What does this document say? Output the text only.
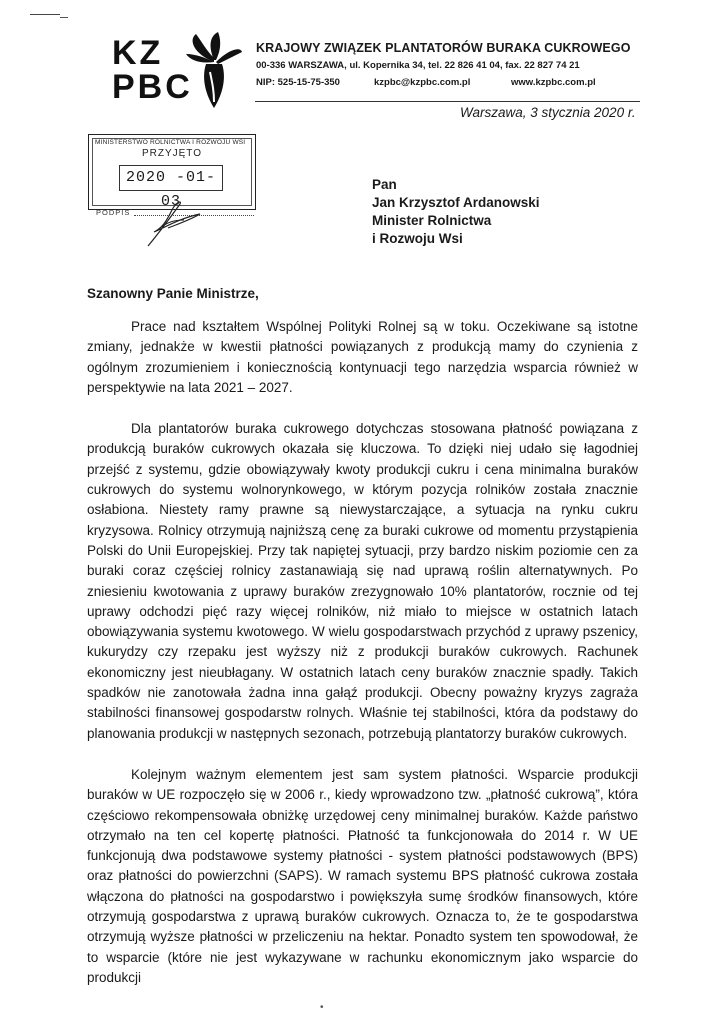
KZ
PBC
KRAJOWY ZWIĄZEK PLANTATORÓW BURAKA CUKROWEGO
00-336 WARSZAWA, ul. Kopernika 34, tel. 22 826 41 04, fax. 22 827 74 21
NIP: 525-15-75-350	kzpbc@kzpbc.com.pl	www.kzpbc.com.pl
Warszawa, 3 stycznia 2020 r.
MINISTERSTWO ROLNICTWA I ROZWOJU WSI
PRZYJĘTO
2020 -01- 03
PODPIS
Pan
Jan Krzysztof Ardanowski
Minister Rolnictwa
i Rozwoju Wsi
Szanowny Panie Ministrze,

Prace nad kształtem Wspólnej Polityki Rolnej są w toku. Oczekiwane są istotne zmiany, jednakże w kwestii płatności powiązanych z produkcją mamy do czynienia z ogólnym zrozumieniem i koniecznością kontynuacji tego narzędzia wsparcia również w perspektywie na lata 2021 – 2027.

Dla plantatorów buraka cukrowego dotychczas stosowana płatność powiązana z produkcją buraków cukrowych okazała się kluczowa. To dzięki niej udało się łagodniej przejść z systemu, gdzie obowiązywały kwoty produkcji cukru i cena minimalna buraków cukrowych do systemu wolnorynkowego, w którym pozycja rolników została znacznie osłabiona. Niestety ramy prawne są niewystarczające, a sytuacja na rynku cukru kryzysowa. Rolnicy otrzymują najniższą cenę za buraki cukrowe od momentu przystąpienia Polski do Unii Europejskiej. Przy tak napiętej sytuacji, przy bardzo niskim poziomie cen za buraki coraz częściej rolnicy zastanawiają się nad uprawą roślin alternatywnych. Po zniesieniu kwotowania z uprawy buraków zrezygnowało 10% plantatorów, rocznie od tej uprawy odchodzi pięć razy więcej rolników, niż miało to miejsce w ostatnich latach obowiązywania systemu kwotowego. W wielu gospodarstwach przychód z uprawy pszenicy, kukurydzy czy rzepaku jest wyższy niż z produkcji buraków cukrowych. Rachunek ekonomiczny jest nieubłagany. W ostatnich latach ceny buraków znacznie spadły. Takich spadków nie zanotowała żadna inna gałąź produkcji. Obecny poważny kryzys zagraża stabilności finansowej gospodarstw rolnych. Właśnie tej stabilności, która da podstawy do planowania produkcji w następnych sezonach, potrzebują plantatorzy buraków cukrowych.

Kolejnym ważnym elementem jest sam system płatności. Wsparcie produkcji buraków w UE rozpoczęło się w 2006 r., kiedy wprowadzono tzw. „płatność cukrową”, która częściowo rekompensowała obniżkę urzędowej ceny minimalnej buraków. Każde państwo otrzymało na ten cel kopertę płatności. Płatność ta funkcjonowała do 2014 r. W UE funkcjonują dwa podstawowe systemy płatności - system płatności podstawowych (BPS) oraz płatności do powierzchni (SAPS). W ramach systemu BPS płatność cukrowa została włączona do płatności na gospodarstwo i powiększyła sumę środków finansowych, które otrzymują gospodarstwa z uprawą buraków cukrowych. Oznacza to, że te gospodarstwa otrzymują wyższe płatności w przeliczeniu na hektar. Ponadto system ten spowodował, że to wsparcie (które nie jest wykazywane w rachunku ekonomicznym jako wsparcie do produkcji

•
